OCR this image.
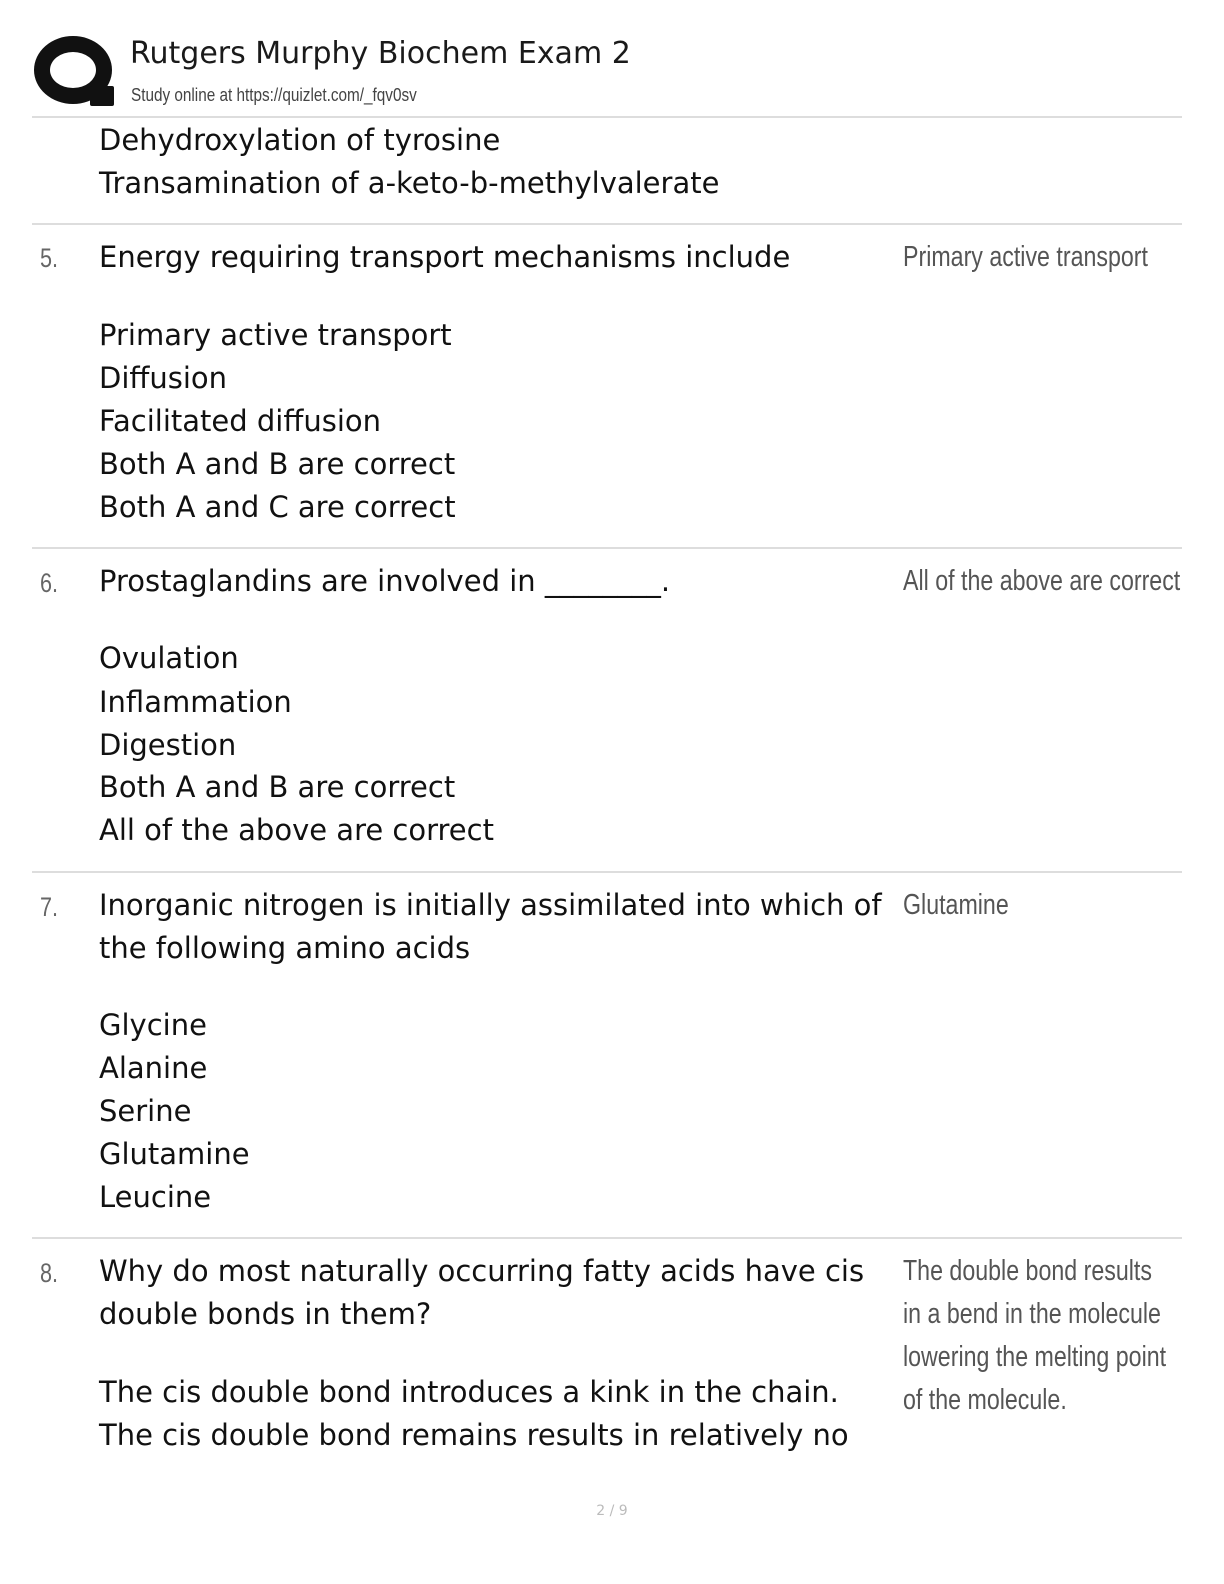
Rutgers Murphy Biochem Exam 2
Study online at https://quizlet.com/_fqv0sv
Dehydroxylation of tyrosine
Transamination of a-keto-b-methylvalerate
5. Energy requiring transport mechanisms include	Primary active transport
Primary active transport
Diffusion
Facilitated diffusion
Both A and B are correct
Both A and C are correct
6. Prostaglandins are involved in ________.	All of the above are correct
Ovulation
Inflammation
Digestion
Both A and B are correct
All of the above are correct
7. Inorganic nitrogen is initially assimilated into which of
the following amino acids
Glutamine
Glycine
Alanine
Serine
Glutamine
Leucine
8. Why do most naturally occurring fatty acids have cis
double bonds in them?
The double bond results
in a bend in the molecule
lowering the melting point
of the molecule.
The cis double bond introduces a kink in the chain.
The cis double bond remains results in relatively no
2 / 9
